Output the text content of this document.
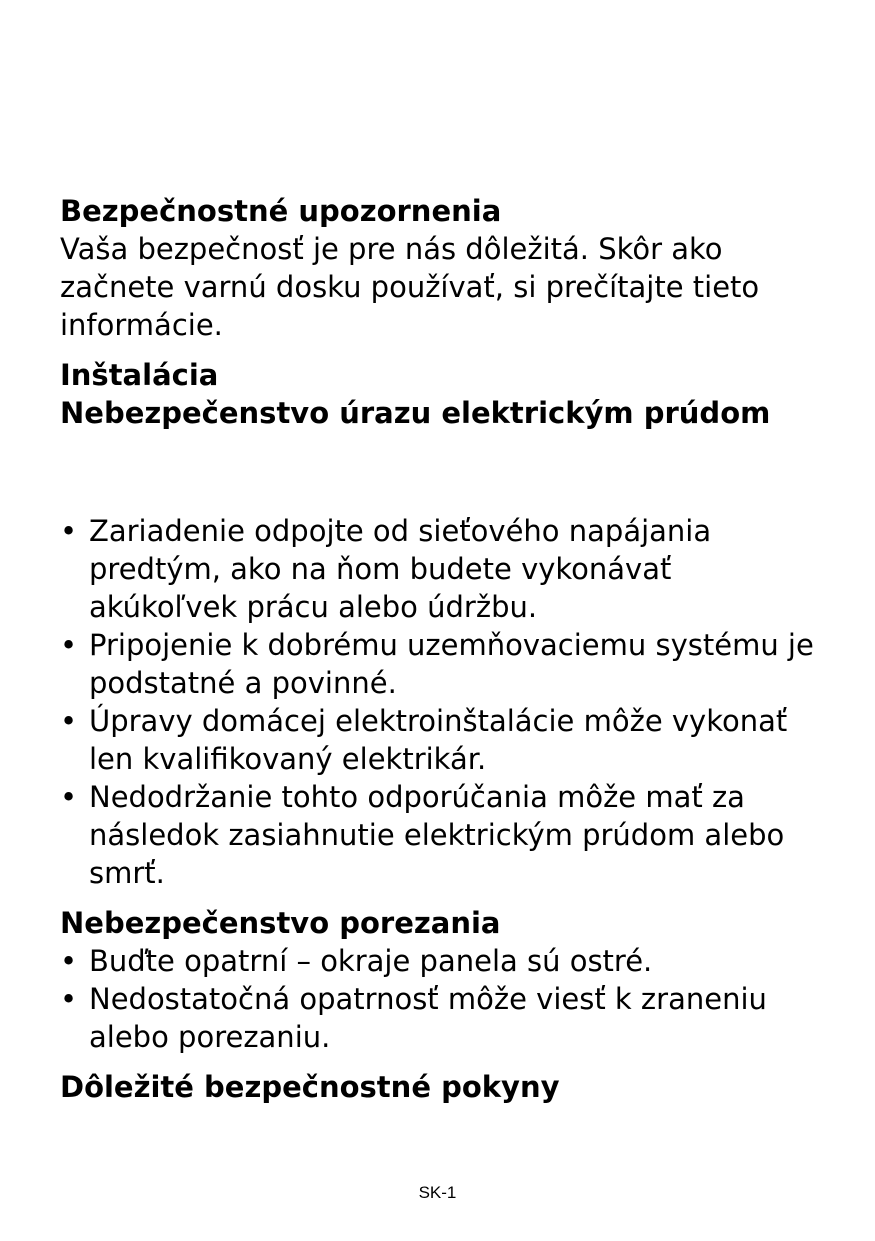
Bezpečnostné upozornenia

Vaša bezpečnosť je pre nás dôležitá. Skôr ako začnete varnú dosku používať, si prečítajte tieto informácie.

Inštalácia
Nebezpečenstvo úrazu elektrickým prúdom
• Zariadenie odpojte od sieťového napájania predtým, ako na ňom budete vykonávať akúkoľvek prácu alebo údržbu.
• Pripojenie k dobrému uzemňovaciemu systému je podstatné a povinné.
• Úpravy domácej elektroinštalácie môže vykonať len kvalifikovaný elektrikár.
• Nedodržanie tohto odporúčania môže mať za následok zasiahnutie elektrickým prúdom alebo smrť.
Nebezpečenstvo porezania
• Buďte opatrní – okraje panela sú ostré.
• Nedostatočná opatrnosť môže viesť k zraneniu alebo porezaniu.
Dôležité bezpečnostné pokyny
SK-1
